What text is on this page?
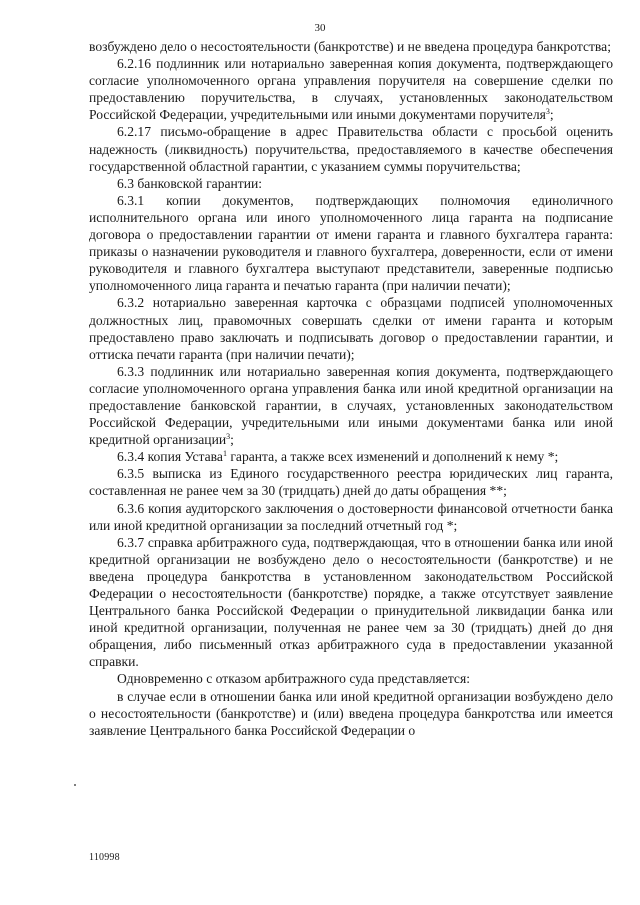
30

возбуждено дело о несостоятельности (банкротстве) и не введена процедура банкротства;

6.2.16 подлинник или нотариально заверенная копия документа, подтверждающего согласие уполномоченного органа управления поручителя на совершение сделки по предоставлению поручительства, в случаях, установленных законодательством Российской Федерации, учредительными или иными документами поручителя$^3$;

6.2.17 письмо-обращение в адрес Правительства области с просьбой оценить надежность (ликвидность) поручительства, предоставляемого в качестве обеспечения государственной областной гарантии, с указанием суммы поручительства;

6.3 банковской гарантии:

6.3.1 копии документов, подтверждающих полномочия единоличного исполнительного органа или иного уполномоченного лица гаранта на подписание договора о предоставлении гарантии от имени гаранта и главного бухгалтера гаранта: приказы о назначении руководителя и главного бухгалтера, доверенности, если от имени руководителя и главного бухгалтера выступают представители, заверенные подписью уполномоченного лица гаранта и печатью гаранта (при наличии печати);

6.3.2 нотариально заверенная карточка с образцами подписей уполномоченных должностных лиц, правомочных совершать сделки от имени гаранта и которым предоставлено право заключать и подписывать договор о предоставлении гарантии, и оттиска печати гаранта (при наличии печати);

6.3.3 подлинник или нотариально заверенная копия документа, подтверждающего согласие уполномоченного органа управления банка или иной кредитной организации на предоставление банковской гарантии, в случаях, установленных законодательством Российской Федерации, учредительными или иными документами банка или иной кредитной организации$^3$;

6.3.4 копия Устава$^1$ гаранта, а также всех изменений и дополнений к нему *;

6.3.5 выписка из Единого государственного реестра юридических лиц гаранта, составленная не ранее чем за 30 (тридцать) дней до даты обращения **;

6.3.6 копия аудиторского заключения о достоверности финансовой отчетности банка или иной кредитной организации за последний отчетный год *;

6.3.7 справка арбитражного суда, подтверждающая, что в отношении банка или иной кредитной организации не возбуждено дело о несостоятельности (банкротстве) и не введена процедура банкротства в установленном законодательством Российской Федерации о несостоятельности (банкротстве) порядке, а также отсутствует заявление Центрального банка Российской Федерации о принудительной ликвидации банка или иной кредитной организации, полученная не ранее чем за 30 (тридцать) дней до дня обращения, либо письменный отказ арбитражного суда в предоставлении указанной справки.

Одновременно с отказом арбитражного суда представляется:

в случае если в отношении банка или иной кредитной организации возбуждено дело о несостоятельности (банкротстве) и (или) введена процедура банкротства или имеется заявление Центрального банка Российской Федерации о

110998
